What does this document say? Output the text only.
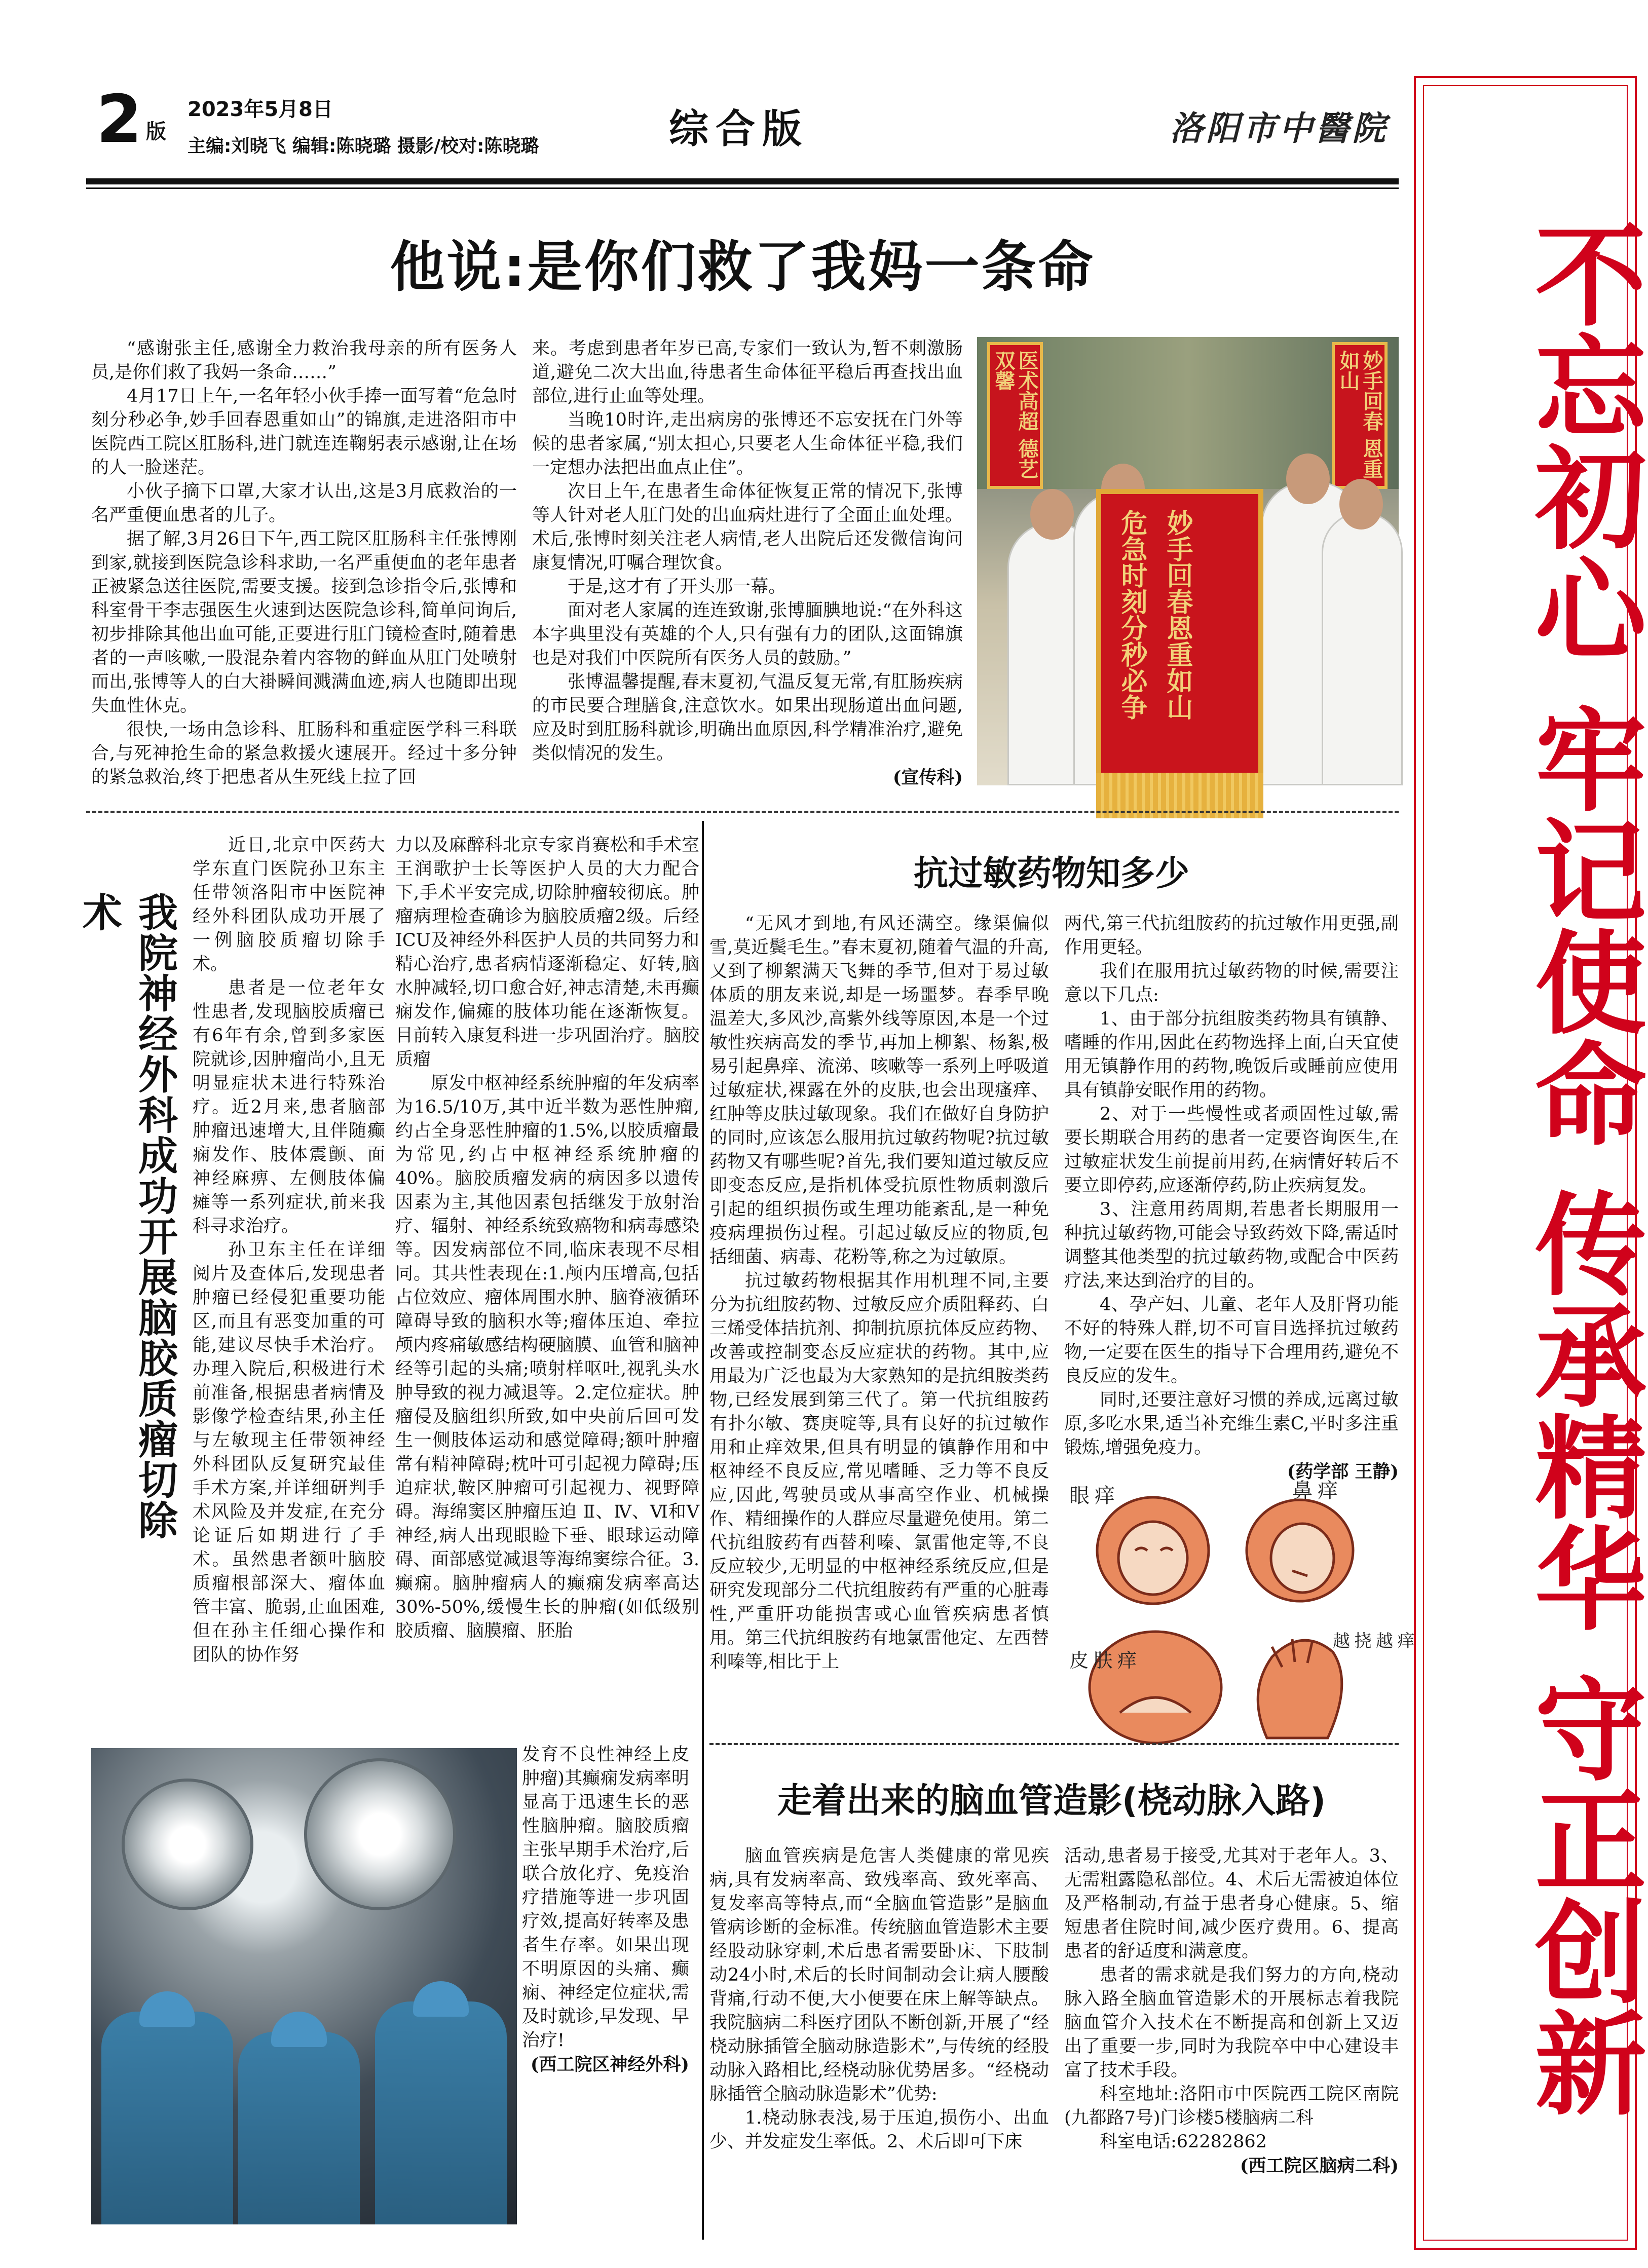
2 版
2023年5月8日
主编:刘晓飞 编辑:陈晓璐 摄影/校对:陈晓璐	综合版	洛阳市中醫院
不忘初心 牢记使命 传承精华 守正创新
他说:是你们救了我妈一条命

“感谢张主任,感谢全力救治我母亲的所有医务人员,是你们救了我妈一条命……”

4月17日上午,一名年轻小伙手捧一面写着“危急时刻分秒必争,妙手回春恩重如山”的锦旗,走进洛阳市中医院西工院区肛肠科,进门就连连鞠躬表示感谢,让在场的人一脸迷茫。

小伙子摘下口罩,大家才认出,这是3月底救治的一名严重便血患者的儿子。

据了解,3月26日下午,西工院区肛肠科主任张博刚到家,就接到医院急诊科求助,一名严重便血的老年患者正被紧急送往医院,需要支援。接到急诊指令后,张博和科室骨干李志强医生火速到达医院急诊科,简单问询后,初步排除其他出血可能,正要进行肛门镜检查时,随着患者的一声咳嗽,一股混杂着内容物的鲜血从肛门处喷射而出,张博等人的白大褂瞬间溅满血迹,病人也随即出现失血性休克。

很快,一场由急诊科、肛肠科和重症医学科三科联合,与死神抢生命的紧急救援火速展开。经过十多分钟的紧急救治,终于把患者从生死线上拉了回

来。考虑到患者年岁已高,专家们一致认为,暂不刺激肠道,避免二次大出血,待患者生命体征平稳后再查找出血部位,进行止血等处理。

当晚10时许,走出病房的张博还不忘安抚在门外等候的患者家属,“别太担心,只要老人生命体征平稳,我们一定想办法把出血点止住”。

次日上午,在患者生命体征恢复正常的情况下,张博等人针对老人肛门处的出血病灶进行了全面止血处理。术后,张博时刻关注老人病情,老人出院后还发微信询问康复情况,叮嘱合理饮食。

于是,这才有了开头那一幕。

面对老人家属的连连致谢,张博腼腆地说:“在外科这本字典里没有英雄的个人,只有强有力的团队,这面锦旗也是对我们中医院所有医务人员的鼓励。”

张博温馨提醒,春末夏初,气温反复无常,有肛肠疾病的市民要合理膳食,注意饮水。如果出现肠道出血问题,应及时到肛肠科就诊,明确出血原因,科学精准治疗,避免类似情况的发生。

(宣传科)
医术高超 德艺双馨	妙手回春 恩重如山
危急时刻分秒必争 妙手回春恩重如山
我院神经外科成功开展脑胶质瘤切除术

近日,北京中医药大学东直门医院孙卫东主任带领洛阳市中医院神经外科团队成功开展了一例脑胶质瘤切除手术。

患者是一位老年女性患者,发现脑胶质瘤已有6年有余,曾到多家医院就诊,因肿瘤尚小,且无明显症状未进行特殊治疗。近2月来,患者脑部肿瘤迅速增大,且伴随癫痫发作、肢体震颤、面神经麻痹、左侧肢体偏瘫等一系列症状,前来我科寻求治疗。

孙卫东主任在详细阅片及查体后,发现患者肿瘤已经侵犯重要功能区,而且有恶变加重的可能,建议尽快手术治疗。办理入院后,积极进行术前准备,根据患者病情及影像学检查结果,孙主任与左敏现主任带领神经外科团队反复研究最佳手术方案,并详细研判手术风险及并发症,在充分论证后如期进行了手术。虽然患者额叶脑胶质瘤根部深大、瘤体血管丰富、脆弱,止血困难,但在孙主任细心操作和团队的协作努

力以及麻醉科北京专家肖赛松和手术室王润歌护士长等医护人员的大力配合下,手术平安完成,切除肿瘤较彻底。肿瘤病理检查确诊为脑胶质瘤2级。后经ICU及神经外科医护人员的共同努力和精心治疗,患者病情逐渐稳定、好转,脑水肿减轻,切口愈合好,神志清楚,未再癫痫发作,偏瘫的肢体功能在逐渐恢复。目前转入康复科进一步巩固治疗。脑胶质瘤

原发中枢神经系统肿瘤的年发病率为16.5/10万,其中近半数为恶性肿瘤,约占全身恶性肿瘤的1.5%,以胶质瘤最为常见,约占中枢神经系统肿瘤的40%。脑胶质瘤发病的病因多以遗传因素为主,其他因素包括继发于放射治疗、辐射、神经系统致癌物和病毒感染等。因发病部位不同,临床表现不尽相同。其共性表现在:1.颅内压增高,包括占位效应、瘤体周围水肿、脑脊液循环障碍导致的脑积水等;瘤体压迫、牵拉颅内疼痛敏感结构硬脑膜、血管和脑神经等引起的头痛;喷射样呕吐,视乳头水肿导致的视力减退等。2.定位症状。肿瘤侵及脑组织所致,如中央前后回可发生一侧肢体运动和感觉障碍;额叶肿瘤常有精神障碍;枕叶可引起视力障碍;压迫症状,鞍区肿瘤可引起视力、视野障碍。海绵窦区肿瘤压迫 Ⅱ、Ⅳ、Ⅵ和Ⅴ神经,病人出现眼睑下垂、眼球运动障碍、面部感觉减退等海绵窦综合征。3.癫痫。脑肿瘤病人的癫痫发病率高达30%-50%,缓慢生长的肿瘤(如低级别胶质瘤、脑膜瘤、胚胎

发育不良性神经上皮肿瘤)其癫痫发病率明显高于迅速生长的恶性脑肿瘤。脑胶质瘤主张早期手术治疗,后联合放化疗、免疫治疗措施等进一步巩固疗效,提高好转率及患者生存率。如果出现不明原因的头痛、癫痫、神经定位症状,需及时就诊,早发现、早治疗!

(西工院区神经外科)
抗过敏药物知多少

“无风才到地,有风还满空。缘渠偏似雪,莫近鬓毛生。”春末夏初,随着气温的升高,又到了柳絮满天飞舞的季节,但对于易过敏体质的朋友来说,却是一场噩梦。春季早晚温差大,多风沙,高紫外线等原因,本是一个过敏性疾病高发的季节,再加上柳絮、杨絮,极易引起鼻痒、流涕、咳嗽等一系列上呼吸道过敏症状,裸露在外的皮肤,也会出现瘙痒、红肿等皮肤过敏现象。我们在做好自身防护的同时,应该怎么服用抗过敏药物呢?抗过敏药物又有哪些呢?首先,我们要知道过敏反应即变态反应,是指机体受抗原性物质刺激后引起的组织损伤或生理功能紊乱,是一种免疫病理损伤过程。引起过敏反应的物质,包括细菌、病毒、花粉等,称之为过敏原。

抗过敏药物根据其作用机理不同,主要分为抗组胺药物、过敏反应介质阻释药、白三烯受体拮抗剂、抑制抗原抗体反应药物、改善或控制变态反应症状的药物。其中,应用最为广泛也最为大家熟知的是抗组胺类药物,已经发展到第三代了。第一代抗组胺药有扑尔敏、赛庚啶等,具有良好的抗过敏作用和止痒效果,但具有明显的镇静作用和中枢神经不良反应,常见嗜睡、乏力等不良反应,因此,驾驶员或从事高空作业、机械操作、精细操作的人群应尽量避免使用。第二代抗组胺药有西替利嗪、氯雷他定等,不良反应较少,无明显的中枢神经系统反应,但是研究发现部分二代抗组胺药有严重的心脏毒性,严重肝功能损害或心血管疾病患者慎用。第三代抗组胺药有地氯雷他定、左西替利嗪等,相比于上

两代,第三代抗组胺药的抗过敏作用更强,副作用更轻。

我们在服用抗过敏药物的时候,需要注意以下几点:

1、由于部分抗组胺类药物具有镇静、嗜睡的作用,因此在药物选择上面,白天宜使用无镇静作用的药物,晚饭后或睡前应使用具有镇静安眠作用的药物。

2、对于一些慢性或者顽固性过敏,需要长期联合用药的患者一定要咨询医生,在过敏症状发生前提前用药,在病情好转后不要立即停药,应逐渐停药,防止疾病复发。

3、注意用药周期,若患者长期服用一种抗过敏药物,可能会导致药效下降,需适时调整其他类型的抗过敏药物,或配合中医药疗法,来达到治疗的目的。

4、孕产妇、儿童、老年人及肝肾功能不好的特殊人群,切不可盲目选择抗过敏药物,一定要在医生的指导下合理用药,避免不良反应的发生。

同时,还要注意好习惯的养成,远离过敏原,多吃水果,适当补充维生素C,平时多注重锻炼,增强免疫力。

(药学部 王静)
眼 痒	鼻 痒
皮 肤 痒
越 挠 越 痒
走着出来的脑血管造影(桡动脉入路)

脑血管疾病是危害人类健康的常见疾病,具有发病率高、致残率高、致死率高、复发率高等特点,而“全脑血管造影”是脑血管病诊断的金标准。传统脑血管造影术主要经股动脉穿刺,术后患者需要卧床、下肢制动24小时,术后的长时间制动会让病人腰酸背痛,行动不便,大小便要在床上解等缺点。我院脑病二科医疗团队不断创新,开展了“经桡动脉插管全脑动脉造影术”,与传统的经股动脉入路相比,经桡动脉优势居多。“经桡动脉插管全脑动脉造影术”优势:

1.桡动脉表浅,易于压迫,损伤小、出血少、并发症发生率低。2、术后即可下床

活动,患者易于接受,尤其对于老年人。3、无需粗露隐私部位。4、术后无需被迫体位及严格制动,有益于患者身心健康。5、缩短患者住院时间,减少医疗费用。6、提高患者的舒适度和满意度。

患者的需求就是我们努力的方向,桡动脉入路全脑血管造影术的开展标志着我院脑血管介入技术在不断提高和创新上又迈出了重要一步,同时为我院卒中中心建设丰富了技术手段。

科室地址:洛阳市中医院西工院区南院(九都路7号)门诊楼5楼脑病二科

科室电话:62282862

(西工院区脑病二科)
